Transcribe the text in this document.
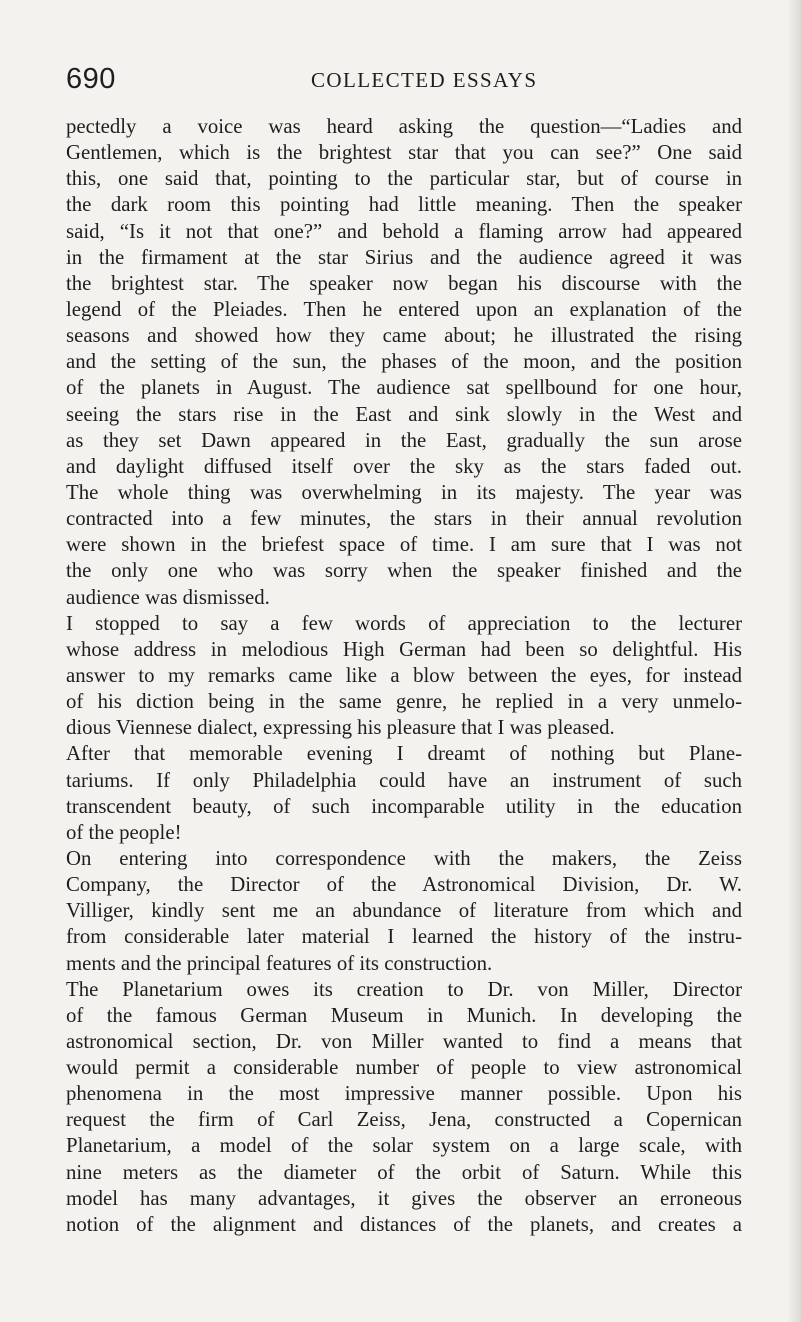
690	COLLECTED ESSAYS
pectedly a voice was heard asking the question—“Ladies and
Gentlemen, which is the brightest star that you can see?” One said
this, one said that, pointing to the particular star, but of course in
the dark room this pointing had little meaning. Then the speaker
said, “Is it not that one?” and behold a flaming arrow had appeared
in the firmament at the star Sirius and the audience agreed it was
the brightest star. The speaker now began his discourse with the
legend of the Pleiades. Then he entered upon an explanation of the
seasons and showed how they came about; he illustrated the rising
and the setting of the sun, the phases of the moon, and the position
of the planets in August. The audience sat spellbound for one hour,
seeing the stars rise in the East and sink slowly in the West and
as they set Dawn appeared in the East, gradually the sun arose
and daylight diffused itself over the sky as the stars faded out.
The whole thing was overwhelming in its majesty. The year was
contracted into a few minutes, the stars in their annual revolution
were shown in the briefest space of time. I am sure that I was not
the only one who was sorry when the speaker finished and the
audience was dismissed.
I stopped to say a few words of appreciation to the lecturer
whose address in melodious High German had been so delightful. His
answer to my remarks came like a blow between the eyes, for instead
of his diction being in the same genre, he replied in a very unmelo-
dious Viennese dialect, expressing his pleasure that I was pleased.
After that memorable evening I dreamt of nothing but Plane-
tariums. If only Philadelphia could have an instrument of such
transcendent beauty, of such incomparable utility in the education
of the people!
On entering into correspondence with the makers, the Zeiss
Company, the Director of the Astronomical Division, Dr. W.
Villiger, kindly sent me an abundance of literature from which and
from considerable later material I learned the history of the instru-
ments and the principal features of its construction.
The Planetarium owes its creation to Dr. von Miller, Director
of the famous German Museum in Munich. In developing the
astronomical section, Dr. von Miller wanted to find a means that
would permit a considerable number of people to view astronomical
phenomena in the most impressive manner possible. Upon his
request the firm of Carl Zeiss, Jena, constructed a Copernican
Planetarium, a model of the solar system on a large scale, with
nine meters as the diameter of the orbit of Saturn. While this
model has many advantages, it gives the observer an erroneous
notion of the alignment and distances of the planets, and creates a
